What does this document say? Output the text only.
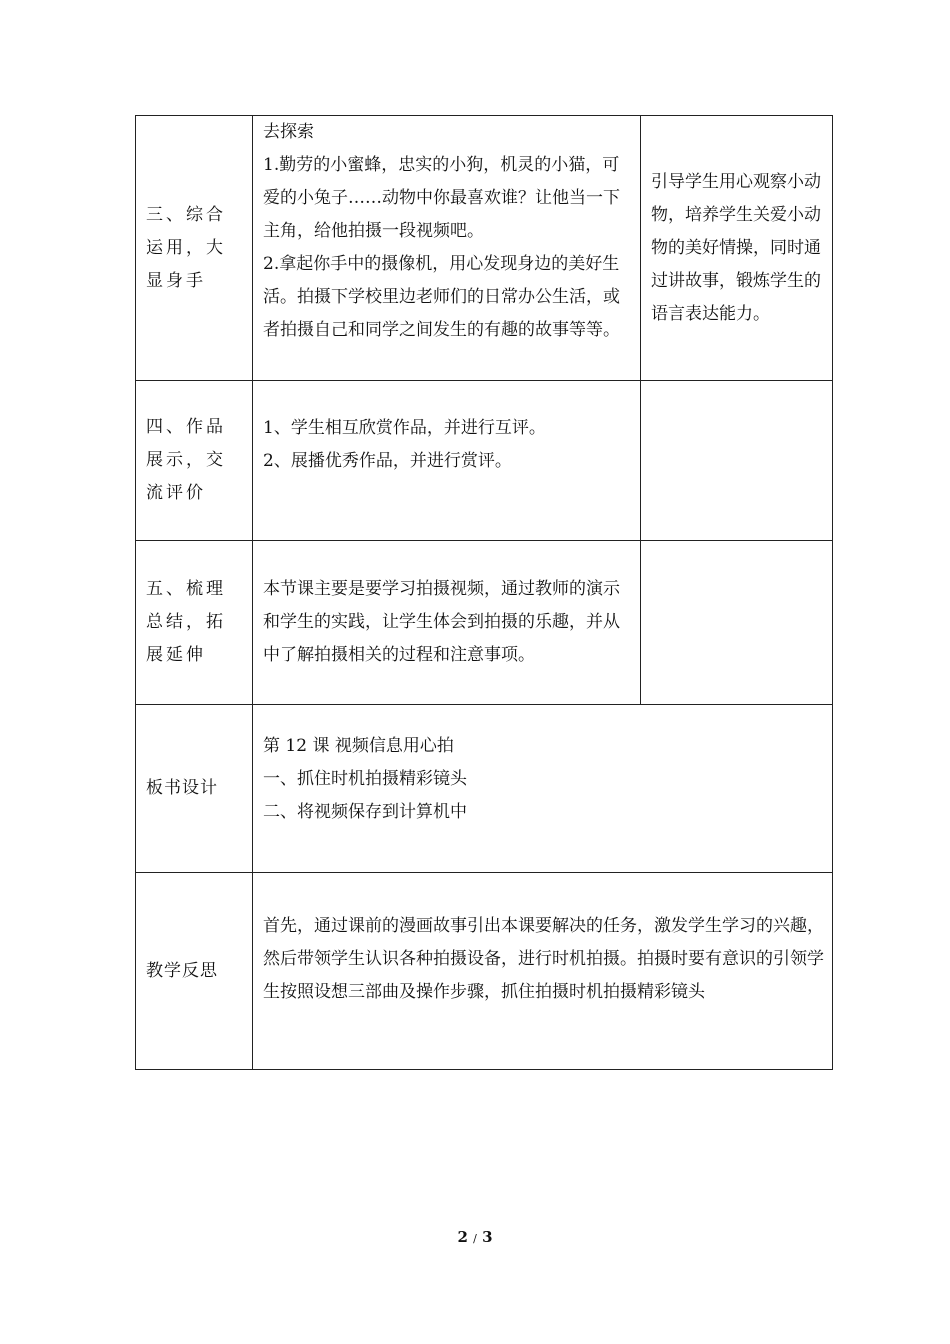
三、综合运用，大显身手	去探索
1.勤劳的小蜜蜂，忠实的小狗，机灵的小猫，可爱的小兔子……动物中你最喜欢谁？让他当一下主角，给他拍摄一段视频吧。
2.拿起你手中的摄像机，用心发现身边的美好生活。拍摄下学校里边老师们的日常办公生活，或者拍摄自己和同学之间发生的有趣的故事等等。	引导学生用心观察小动物，培养学生关爱小动物的美好情操，同时通过讲故事，锻炼学生的语言表达能力。

四、作品展示，交流评价	1、学生相互欣赏作品，并进行互评。
2、展播优秀作品，并进行赏评。	

五、梳理总结，拓展延伸	本节课主要是要学习拍摄视频，通过教师的演示和学生的实践，让学生体会到拍摄的乐趣，并从中了解拍摄相关的过程和注意事项。	

板书设计	第 12 课 视频信息用心拍
一、抓住时机拍摄精彩镜头
二、将视频保存到计算机中	

教学反思	首先，通过课前的漫画故事引出本课要解决的任务，激发学生学习的兴趣，然后带领学生认识各种拍摄设备，进行时机拍摄。拍摄时要有意识的引领学生按照设想三部曲及操作步骤，抓住拍摄时机拍摄精彩镜头	
2 / 3
